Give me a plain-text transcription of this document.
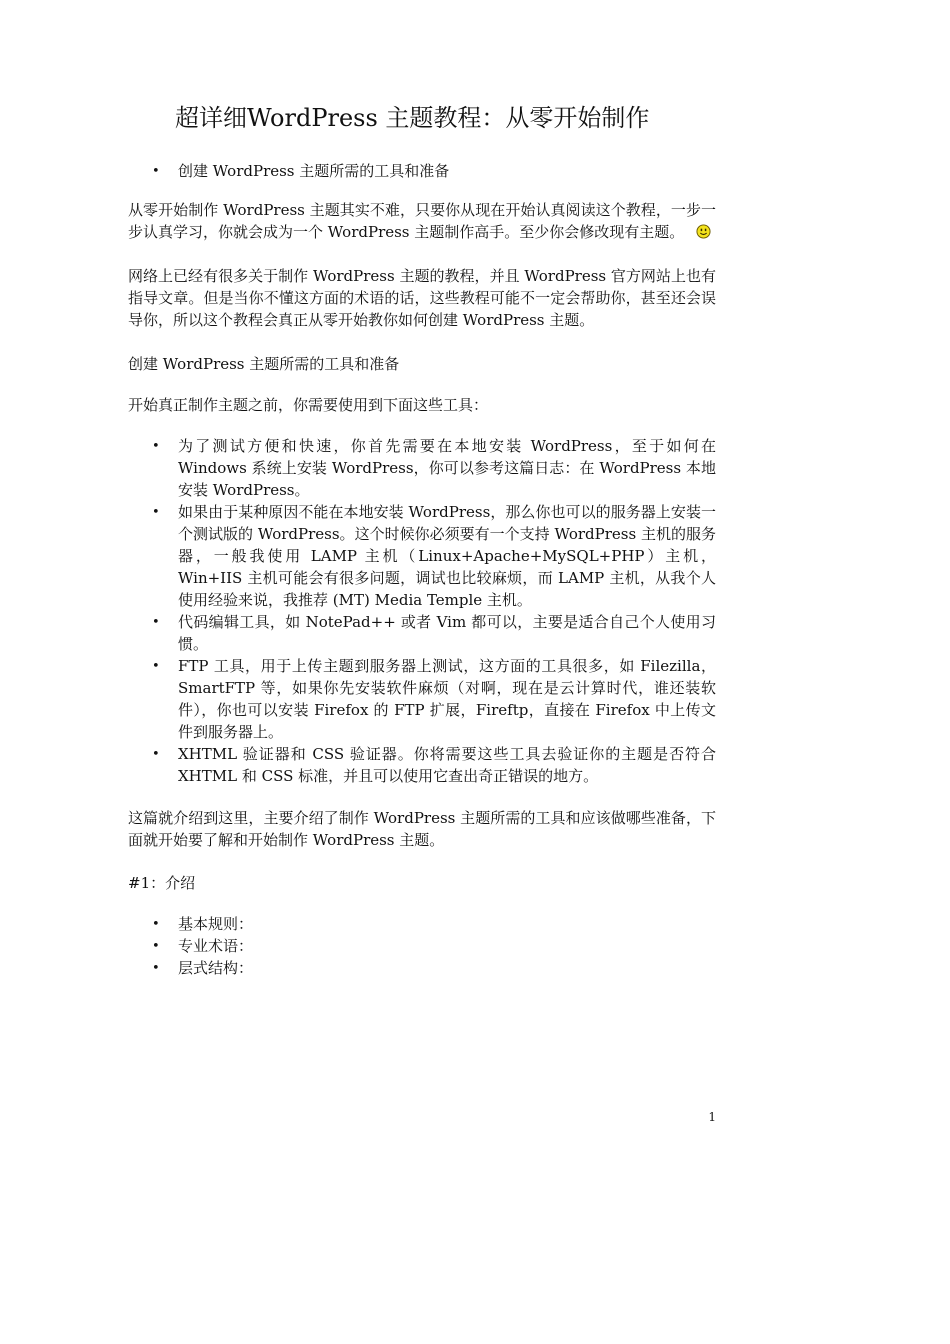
超详细WordPress 主题教程：从零开始制作
• 创建 WordPress 主题所需的工具和准备

从零开始制作 WordPress 主题其实不难，只要你从现在开始认真阅读这个教程，一步一步认真学习，你就会成为一个 WordPress 主题制作高手。至少你会修改现有主题。

网络上已经有很多关于制作 WordPress 主题的教程，并且 WordPress 官方网站上也有指导文章。但是当你不懂这方面的术语的话，这些教程可能不一定会帮助你，甚至还会误导你，所以这个教程会真正从零开始教你如何创建 WordPress 主题。

创建 WordPress 主题所需的工具和准备

开始真正制作主题之前，你需要使用到下面这些工具：

• 为了测试方便和快速，你首先需要在本地安装 WordPress，至于如何在 Windows 系统上安装 WordPress，你可以参考这篇日志：在 WordPress 本地安装 WordPress。
• 如果由于某种原因不能在本地安装 WordPress，那么你也可以的服务器上安装一个测试版的 WordPress。这个时候你必须要有一个支持 WordPress 主机的服务器，一般我使用 LAMP 主机（Linux+Apache+MySQL+PHP）主机，Win+IIS 主机可能会有很多问题，调试也比较麻烦，而 LAMP 主机，从我个人使用经验来说，我推荐 (MT) Media Temple 主机。
• 代码编辑工具，如 NotePad++ 或者 Vim 都可以，主要是适合自己个人使用习惯。
• FTP 工具，用于上传主题到服务器上测试，这方面的工具很多，如 Filezilla，SmartFTP 等，如果你先安装软件麻烦（对啊，现在是云计算时代，谁还装软件），你也可以安装 Firefox 的 FTP 扩展，Fireftp，直接在 Firefox 中上传文件到服务器上。
• XHTML 验证器和 CSS 验证器。你将需要这些工具去验证你的主题是否符合 XHTML 和 CSS 标准，并且可以使用它查出奇正错误的地方。

这篇就介绍到这里，主要介绍了制作 WordPress 主题所需的工具和应该做哪些准备，下面就开始要了解和开始制作 WordPress 主题。

#1：介绍

• 基本规则：
• 专业术语：
• 层式结构：
1
